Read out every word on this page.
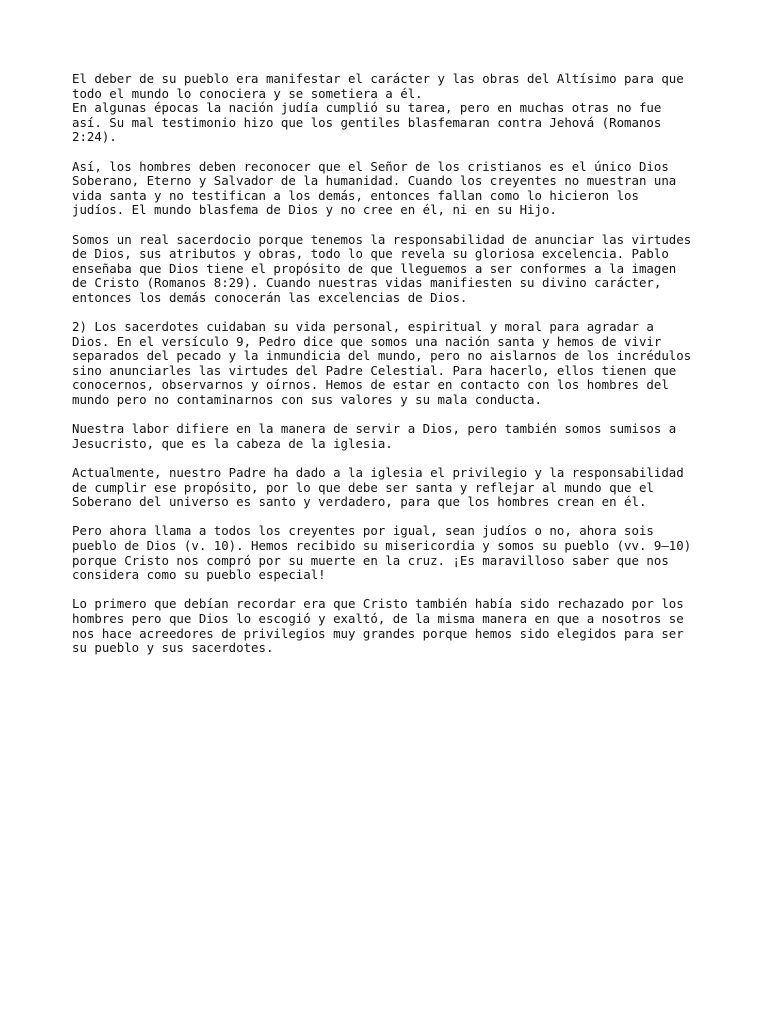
El deber de su pueblo era manifestar el carácter y las obras del Altísimo para que
todo el mundo lo conociera y se sometiera a él.
En algunas épocas la nación judía cumplió su tarea, pero en muchas otras no fue
así. Su mal testimonio hizo que los gentiles blasfemaran contra Jehová (Romanos
2:24).

Así, los hombres deben reconocer que el Señor de los cristianos es el único Dios
Soberano, Eterno y Salvador de la humanidad. Cuando los creyentes no muestran una
vida santa y no testifican a los demás, entonces fallan como lo hicieron los
judíos. El mundo blasfema de Dios y no cree en él, ni en su Hijo.

Somos un real sacerdocio porque tenemos la responsabilidad de anunciar las virtudes
de Dios, sus atributos y obras, todo lo que revela su gloriosa excelencia. Pablo
enseñaba que Dios tiene el propósito de que lleguemos a ser conformes a la imagen
de Cristo (Romanos 8:29). Cuando nuestras vidas manifiesten su divino carácter,
entonces los demás conocerán las excelencias de Dios.

2) Los sacerdotes cuidaban su vida personal, espiritual y moral para agradar a
Dios. En el versículo 9, Pedro dice que somos una nación santa y hemos de vivir
separados del pecado y la inmundicia del mundo, pero no aislarnos de los incrédulos
sino anunciarles las virtudes del Padre Celestial. Para hacerlo, ellos tienen que
conocernos, observarnos y oírnos. Hemos de estar en contacto con los hombres del
mundo pero no contaminarnos con sus valores y su mala conducta.

Nuestra labor difiere en la manera de servir a Dios, pero también somos sumisos a
Jesucristo, que es la cabeza de la iglesia.

Actualmente, nuestro Padre ha dado a la iglesia el privilegio y la responsabilidad
de cumplir ese propósito, por lo que debe ser santa y reflejar al mundo que el
Soberano del universo es santo y verdadero, para que los hombres crean en él.

Pero ahora llama a todos los creyentes por igual, sean judíos o no, ahora sois
pueblo de Dios (v. 10). Hemos recibido su misericordia y somos su pueblo (vv. 9–10)
porque Cristo nos compró por su muerte en la cruz. ¡Es maravilloso saber que nos
considera como su pueblo especial!

Lo primero que debían recordar era que Cristo también había sido rechazado por los
hombres pero que Dios lo escogió y exaltó, de la misma manera en que a nosotros se
nos hace acreedores de privilegios muy grandes porque hemos sido elegidos para ser
su pueblo y sus sacerdotes.
